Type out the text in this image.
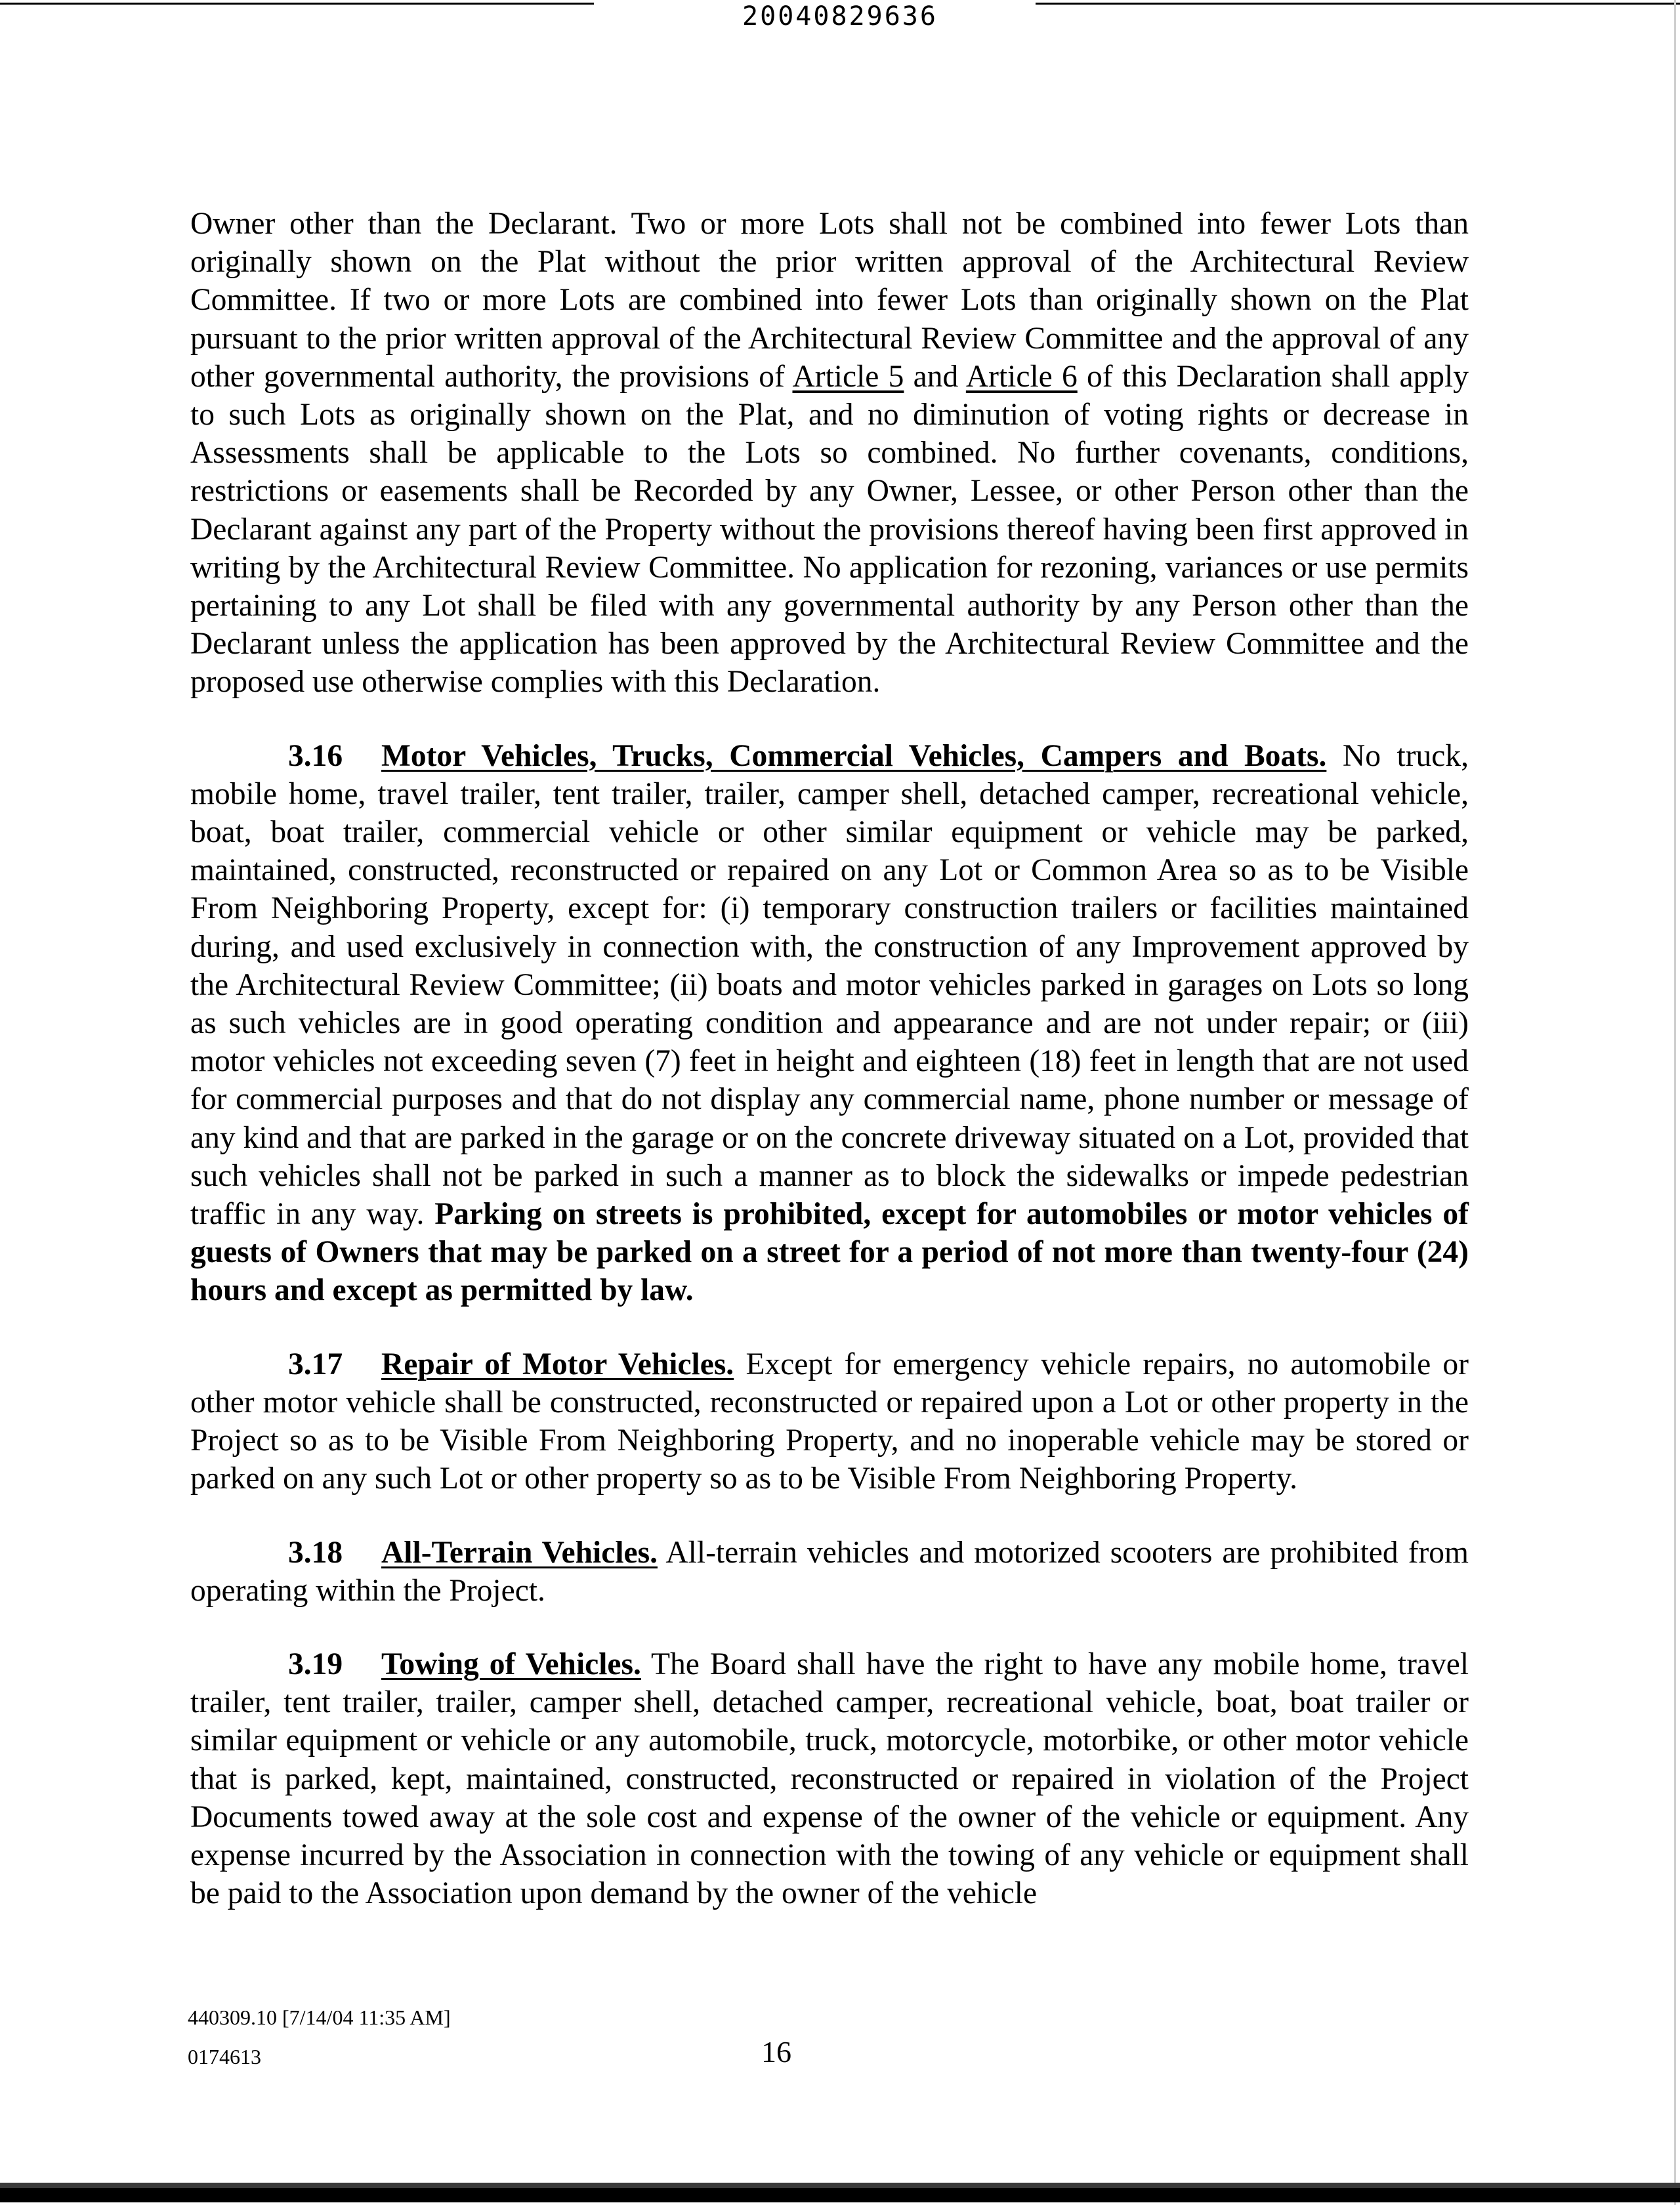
20040829636

Owner other than the Declarant. Two or more Lots shall not be combined into fewer Lots than originally shown on the Plat without the prior written approval of the Architectural Review Committee. If two or more Lots are combined into fewer Lots than originally shown on the Plat pursuant to the prior written approval of the Architectural Review Committee and the approval of any other governmental authority, the provisions of Article 5 and Article 6 of this Declaration shall apply to such Lots as originally shown on the Plat, and no diminution of voting rights or decrease in Assessments shall be applicable to the Lots so combined. No further covenants, conditions, restrictions or easements shall be Recorded by any Owner, Lessee, or other Person other than the Declarant against any part of the Property without the provisions thereof having been first approved in writing by the Architectural Review Committee. No application for rezoning, variances or use permits pertaining to any Lot shall be filed with any governmental authority by any Person other than the Declarant unless the application has been approved by the Architectural Review Committee and the proposed use otherwise complies with this Declaration.

3.16 Motor Vehicles, Trucks, Commercial Vehicles, Campers and Boats. No truck, mobile home, travel trailer, tent trailer, trailer, camper shell, detached camper, recreational vehicle, boat, boat trailer, commercial vehicle or other similar equipment or vehicle may be parked, maintained, constructed, reconstructed or repaired on any Lot or Common Area so as to be Visible From Neighboring Property, except for: (i) temporary construction trailers or facilities maintained during, and used exclusively in connection with, the construction of any Improvement approved by the Architectural Review Committee; (ii) boats and motor vehicles parked in garages on Lots so long as such vehicles are in good operating condition and appearance and are not under repair; or (iii) motor vehicles not exceeding seven (7) feet in height and eighteen (18) feet in length that are not used for commercial purposes and that do not display any commercial name, phone number or message of any kind and that are parked in the garage or on the concrete driveway situated on a Lot, provided that such vehicles shall not be parked in such a manner as to block the sidewalks or impede pedestrian traffic in any way. Parking on streets is prohibited, except for automobiles or motor vehicles of guests of Owners that may be parked on a street for a period of not more than twenty-four (24) hours and except as permitted by law.

3.17 Repair of Motor Vehicles. Except for emergency vehicle repairs, no automobile or other motor vehicle shall be constructed, reconstructed or repaired upon a Lot or other property in the Project so as to be Visible From Neighboring Property, and no inoperable vehicle may be stored or parked on any such Lot or other property so as to be Visible From Neighboring Property.

3.18 All-Terrain Vehicles. All-terrain vehicles and motorized scooters are prohibited from operating within the Project.

3.19 Towing of Vehicles. The Board shall have the right to have any mobile home, travel trailer, tent trailer, trailer, camper shell, detached camper, recreational vehicle, boat, boat trailer or similar equipment or vehicle or any automobile, truck, motorcycle, motorbike, or other motor vehicle that is parked, kept, maintained, constructed, reconstructed or repaired in violation of the Project Documents towed away at the sole cost and expense of the owner of the vehicle or equipment. Any expense incurred by the Association in connection with the towing of any vehicle or equipment shall be paid to the Association upon demand by the owner of the vehicle

440309.10 [7/14/04 11:35 AM]
0174613	16
